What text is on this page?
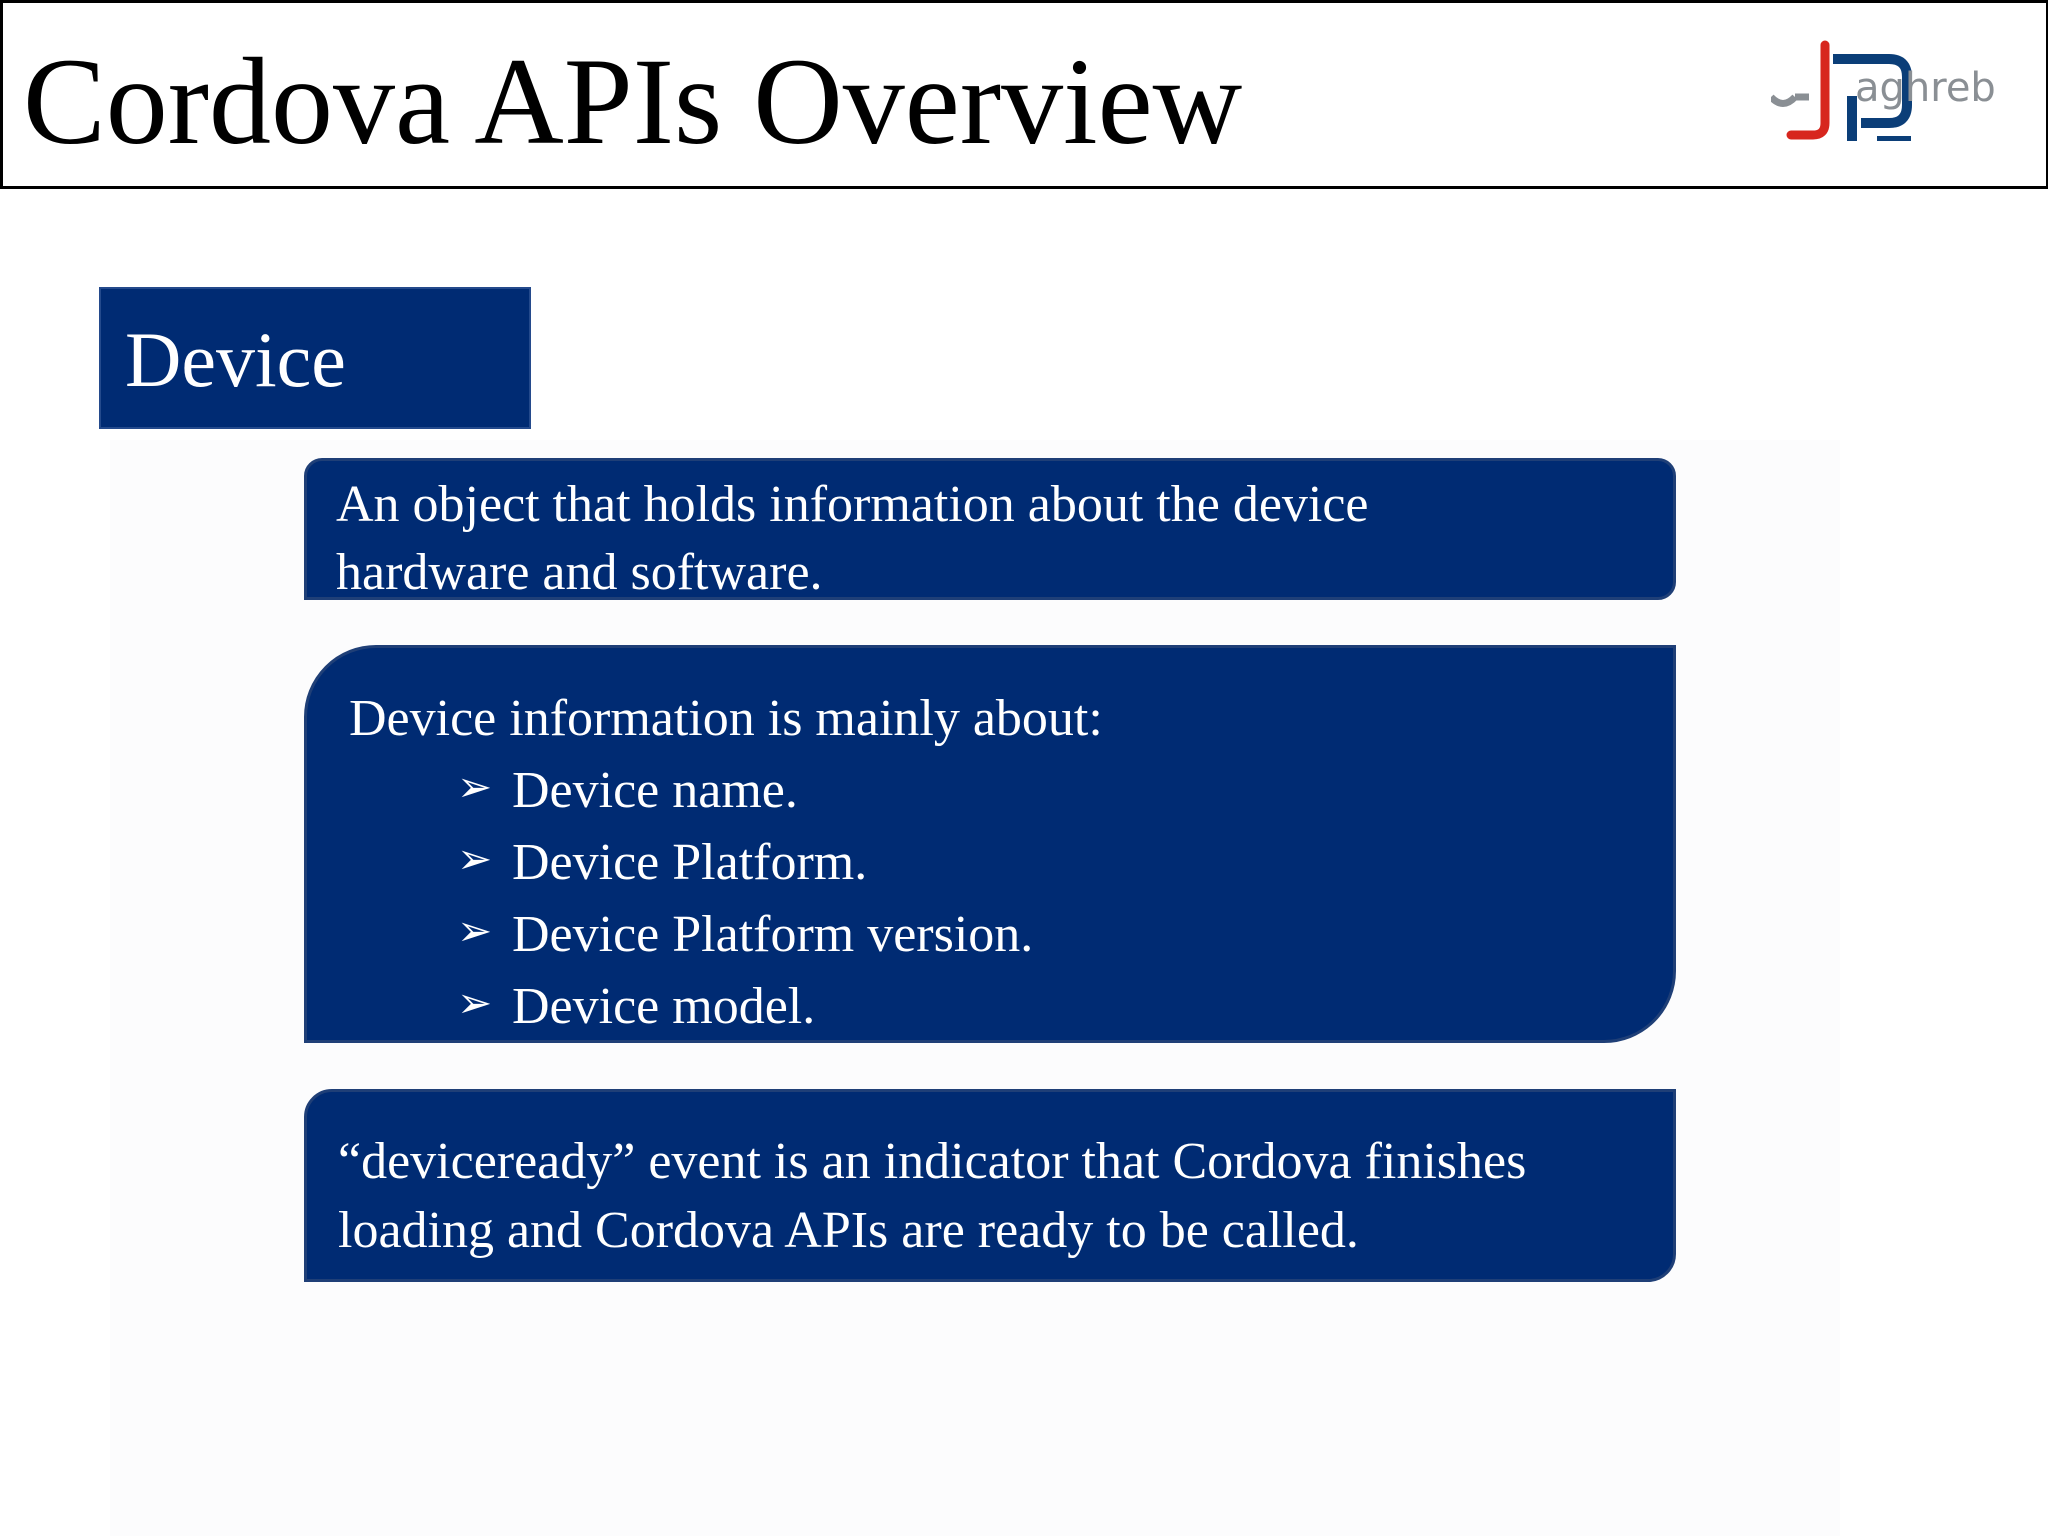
Cordova APIs Overview	aghreb
Device
An object that holds information about the device
hardware and software.
Device information is mainly about:
➢ Device name.
➢ Device Platform.
➢ Device Platform version.
➢ Device model.
“deviceready” event is an indicator that Cordova finishes
loading and Cordova APIs are ready to be called.
